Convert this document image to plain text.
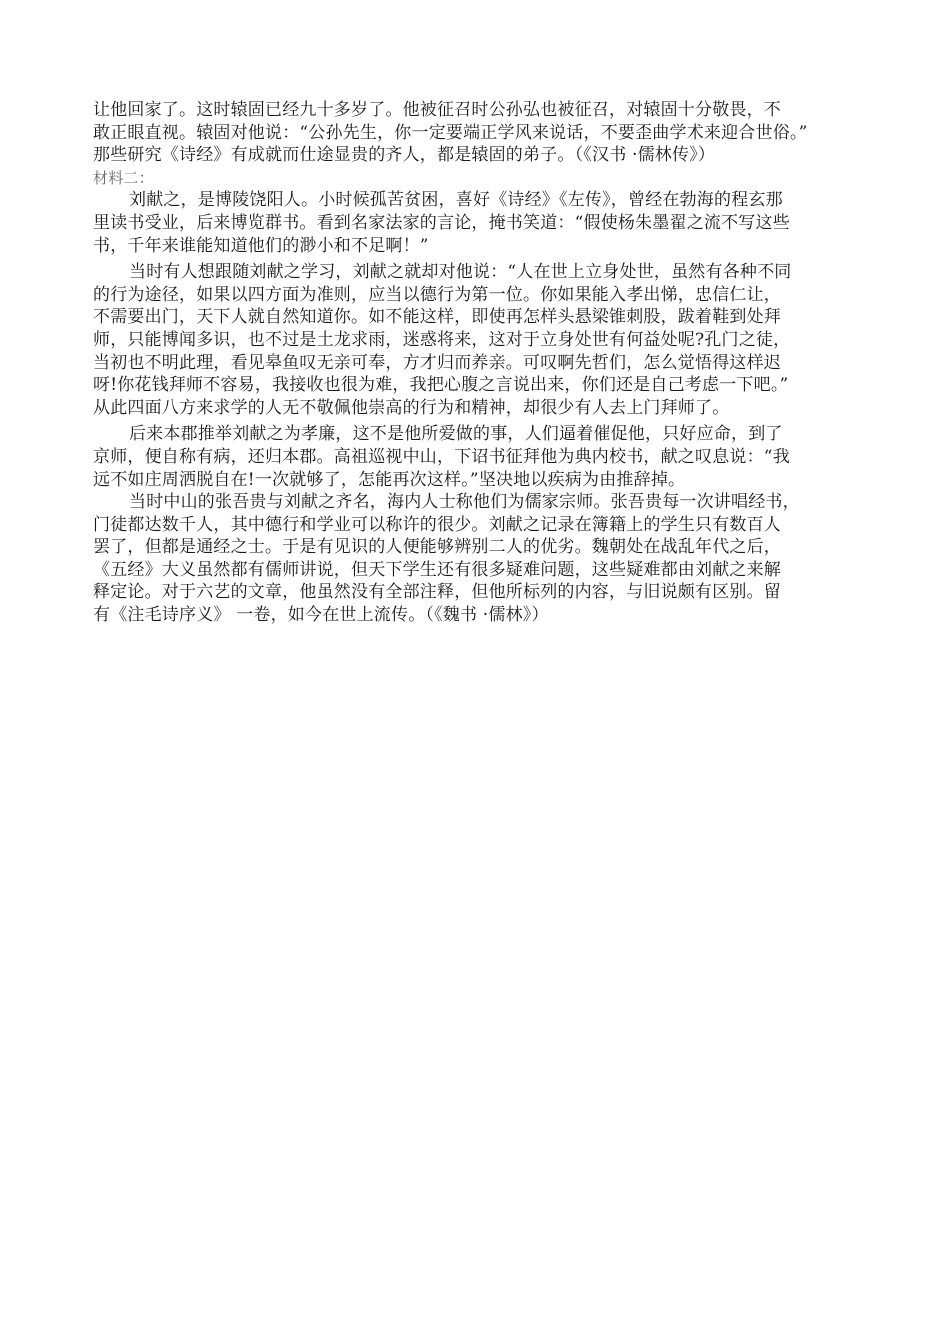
让他回家了。这时辕固已经九十多岁了。他被征召时公孙弘也被征召，对辕固十分敬畏，不
敢正眼直视。辕固对他说：“公孙先生，你一定要端正学风来说话，不要歪曲学术来迎合世俗。”
那些研究《诗经》有成就而仕途显贵的齐人，都是辕固的弟子。（《汉书 ·儒林传》）
材料二：
刘献之，是博陵饶阳人。小时候孤苦贫困，喜好《诗经》《左传》，曾经在勃海的程玄那
里读书受业，后来博览群书。看到名家法家的言论，掩书笑道：“假使杨朱墨翟之流不写这些
书，千年来谁能知道他们的渺小和不足啊！”
当时有人想跟随刘献之学习，刘献之就却对他说：“人在世上立身处世，虽然有各种不同
的行为途径，如果以四方面为准则，应当以德行为第一位。你如果能入孝出悌，忠信仁让，
不需要出门，天下人就自然知道你。如不能这样，即使再怎样头悬梁锥刺股，跋着鞋到处拜
师，只能博闻多识，也不过是土龙求雨，迷惑将来，这对于立身处世有何益处呢?孔门之徒，
当初也不明此理，看见皋鱼叹无亲可奉，方才归而养亲。可叹啊先哲们，怎么觉悟得这样迟
呀!你花钱拜师不容易，我接收也很为难，我把心腹之言说出来，你们还是自己考虑一下吧。”
从此四面八方来求学的人无不敬佩他崇高的行为和精神，却很少有人去上门拜师了。
后来本郡推举刘献之为孝廉，这不是他所爱做的事，人们逼着催促他，只好应命，到了
京师，便自称有病，还归本郡。高祖巡视中山，下诏书征拜他为典内校书，献之叹息说：“我
远不如庄周洒脱自在!一次就够了，怎能再次这样。”坚决地以疾病为由推辞掉。
当时中山的张吾贵与刘献之齐名，海内人士称他们为儒家宗师。张吾贵每一次讲唱经书，
门徒都达数千人，其中德行和学业可以称许的很少。刘献之记录在簿籍上的学生只有数百人
罢了，但都是通经之士。于是有见识的人便能够辨别二人的优劣。魏朝处在战乱年代之后，
《五经》大义虽然都有儒师讲说，但天下学生还有很多疑难问题，这些疑难都由刘献之来解
释定论。对于六艺的文章，他虽然没有全部注释，但他所标列的内容，与旧说颇有区别。留
有《注毛诗序义》 一卷，如今在世上流传。（《魏书 ·儒林》）
